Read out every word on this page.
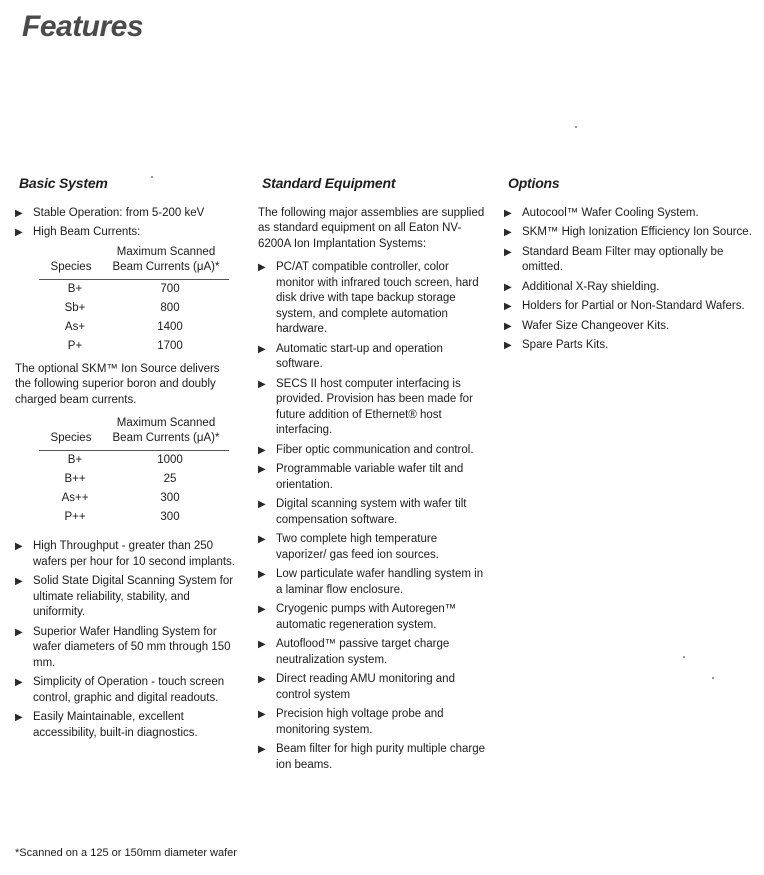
Features
Basic System
▶ Stable Operation: from 5-200 keV
▶ High Beam Currents:
Species	Maximum Scanned Beam Currents (μA)*
B+	700
Sb+	800
As+	1400
P+	1700
The optional SKM™ Ion Source delivers the following superior boron and doubly charged beam currents.
Species	Maximum Scanned Beam Currents (μA)*
B+	1000
B++	25
As++	300
P++	300
▶ High Throughput - greater than 250 wafers per hour for 10 second implants.
▶ Solid State Digital Scanning System for ultimate reliability, stability, and uniformity.
▶ Superior Wafer Handling System for wafer diameters of 50 mm through 150 mm.
▶ Simplicity of Operation - touch screen control, graphic and digital readouts.
▶ Easily Maintainable, excellent accessibility, built-in diagnostics.
Standard Equipment
The following major assemblies are supplied as standard equipment on all Eaton NV-6200A Ion Implantation Systems:
▶ PC/AT compatible controller, color monitor with infrared touch screen, hard disk drive with tape backup storage system, and complete automation hardware.
▶ Automatic start-up and operation software.
▶ SECS II host computer interfacing is provided. Provision has been made for future addition of Ethernet® host interfacing.
▶ Fiber optic communication and control.
▶ Programmable variable wafer tilt and orientation.
▶ Digital scanning system with wafer tilt compensation software.
▶ Two complete high temperature vaporizer/ gas feed ion sources.
▶ Low particulate wafer handling system in a laminar flow enclosure.
▶ Cryogenic pumps with Autoregen™ automatic regeneration system.
▶ Autoflood™ passive target charge neutralization system.
▶ Direct reading AMU monitoring and control system
▶ Precision high voltage probe and monitoring system.
▶ Beam filter for high purity multiple charge ion beams.
Options
▶ Autocool™ Wafer Cooling System.
▶ SKM™ High Ionization Efficiency Ion Source.
▶ Standard Beam Filter may optionally be omitted.
▶ Additional X-Ray shielding.
▶ Holders for Partial or Non-Standard Wafers.
▶ Wafer Size Changeover Kits.
▶ Spare Parts Kits.
*Scanned on a 125 or 150mm diameter wafer
